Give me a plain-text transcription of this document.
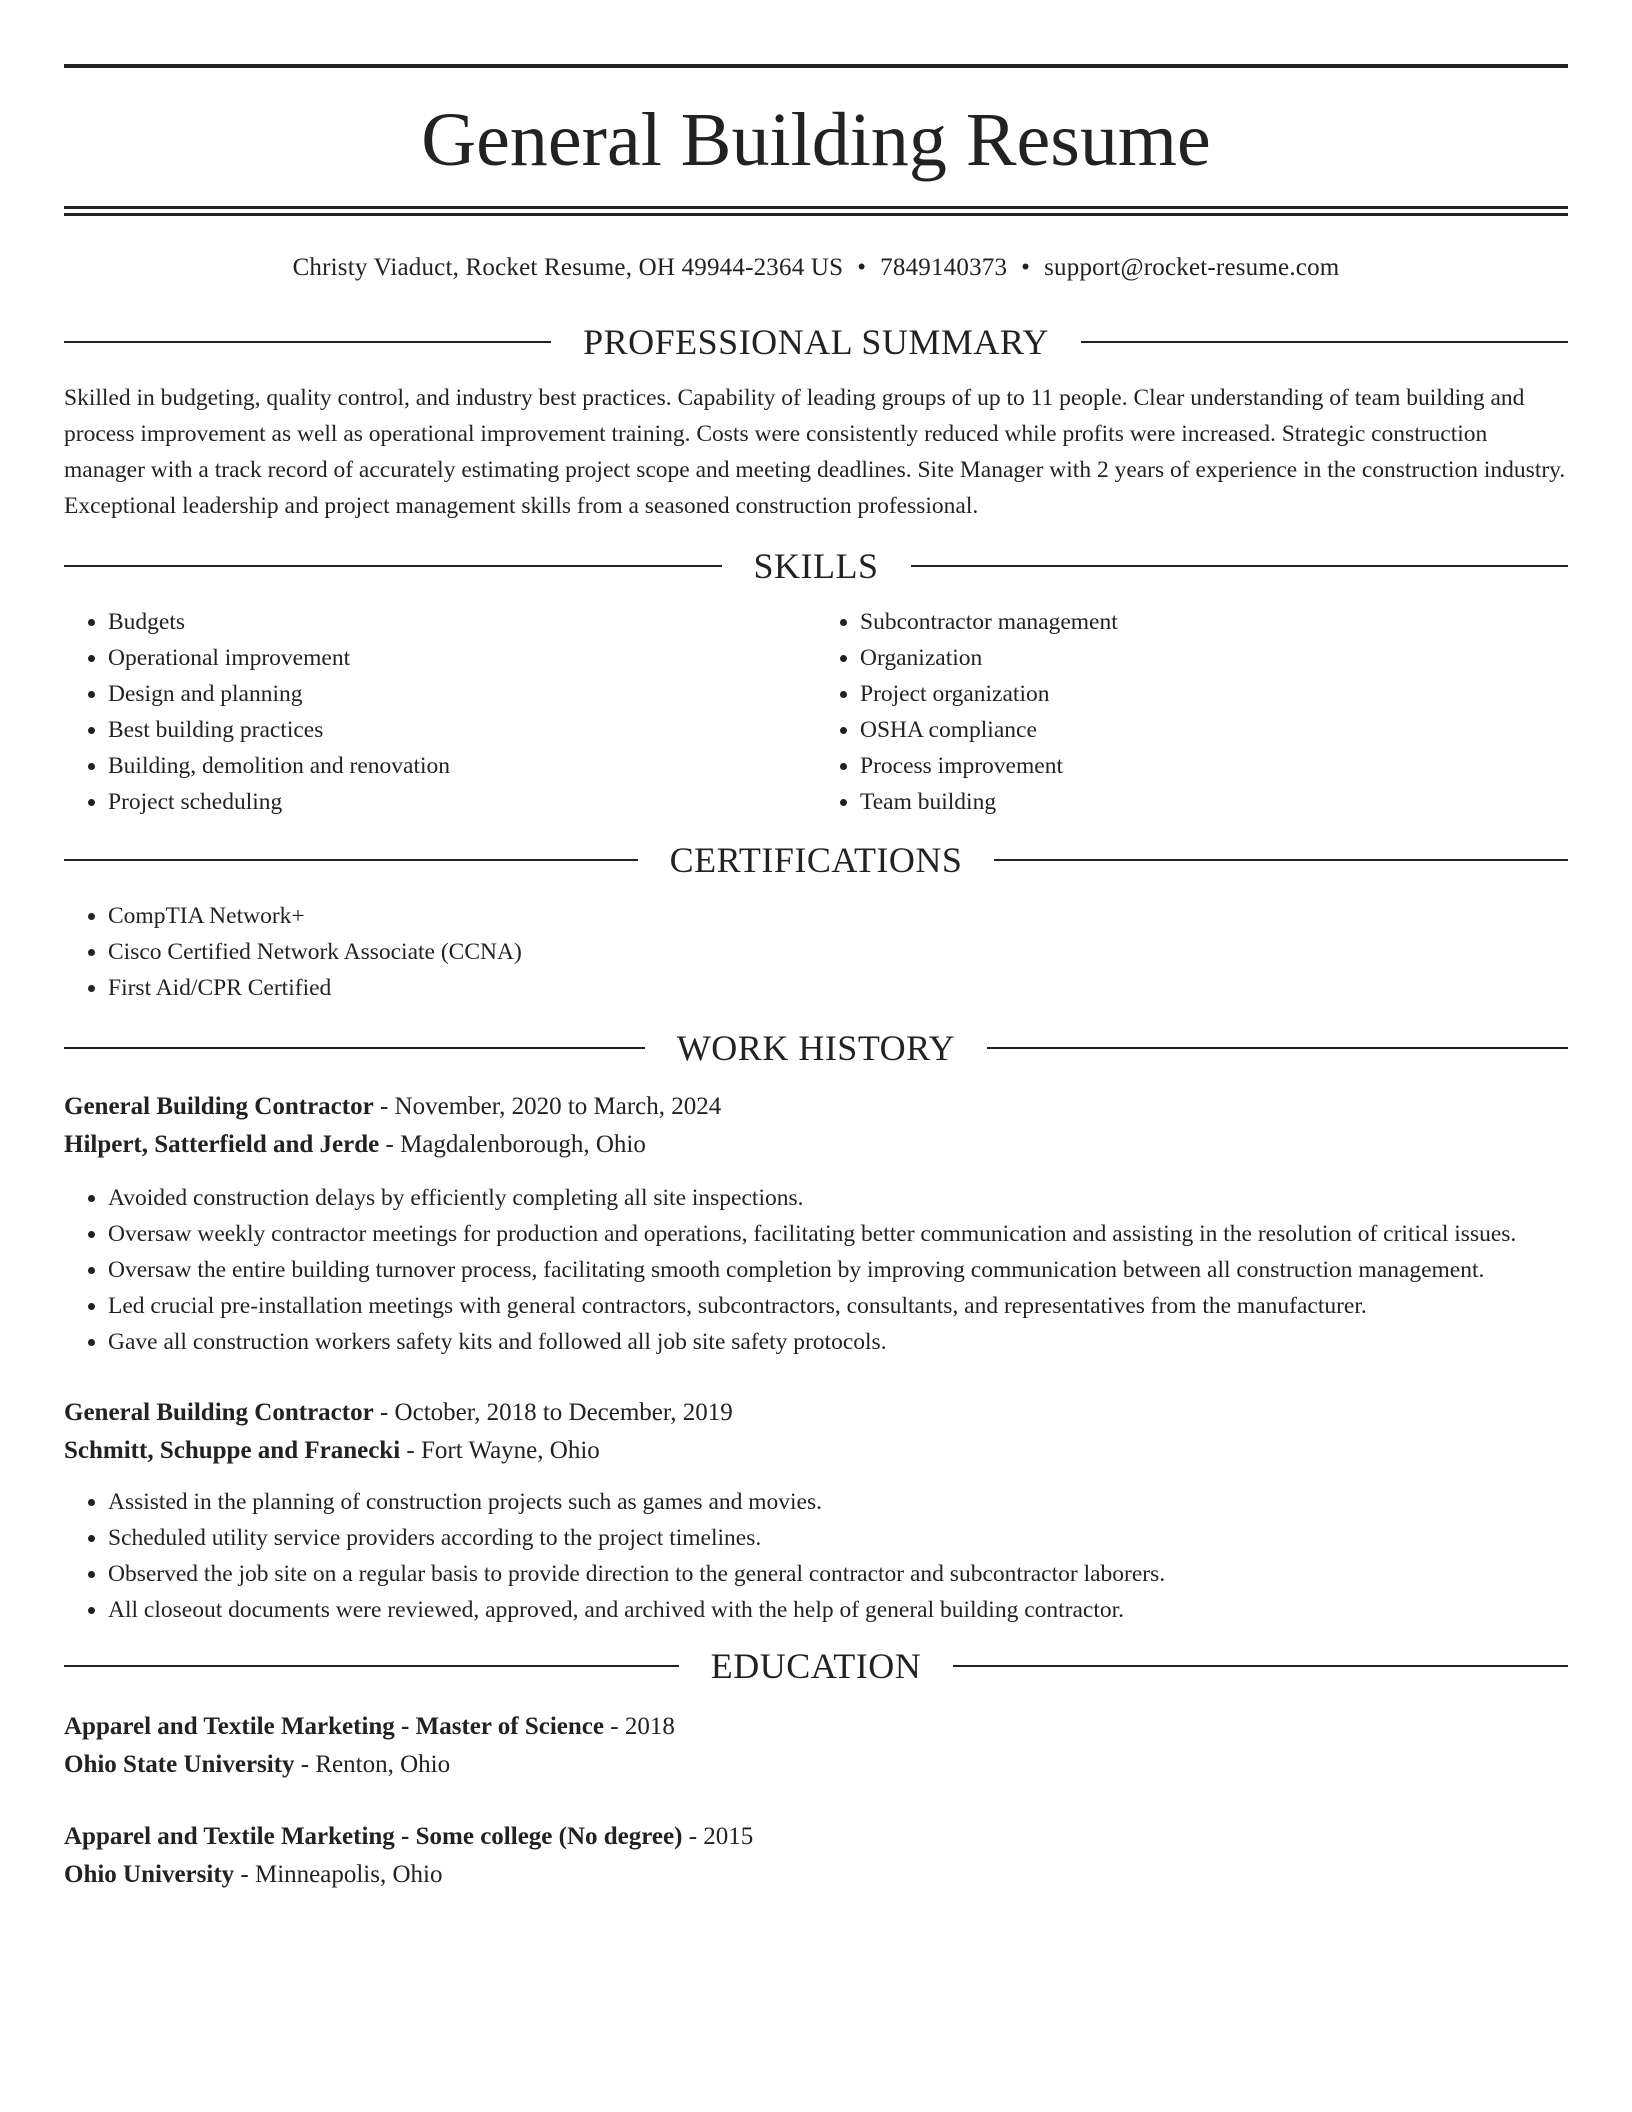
General Building Resume
Christy Viaduct, Rocket Resume, OH 49944-2364 US • 7849140373 • support@rocket-resume.com
PROFESSIONAL SUMMARY
Skilled in budgeting, quality control, and industry best practices. Capability of leading groups of up to 11 people. Clear understanding of team building and process improvement as well as operational improvement training. Costs were consistently reduced while profits were increased. Strategic construction manager with a track record of accurately estimating project scope and meeting deadlines. Site Manager with 2 years of experience in the construction industry. Exceptional leadership and project management skills from a seasoned construction professional.
SKILLS
• Budgets
• Operational improvement
• Design and planning
• Best building practices
• Building, demolition and renovation
• Project scheduling
• Subcontractor management
• Organization
• Project organization
• OSHA compliance
• Process improvement
• Team building
CERTIFICATIONS
• CompTIA Network+
• Cisco Certified Network Associate (CCNA)
• First Aid/CPR Certified
WORK HISTORY
General Building Contractor - November, 2020 to March, 2024
Hilpert, Satterfield and Jerde - Magdalenborough, Ohio
• Avoided construction delays by efficiently completing all site inspections.
• Oversaw weekly contractor meetings for production and operations, facilitating better communication and assisting in the resolution of critical issues.
• Oversaw the entire building turnover process, facilitating smooth completion by improving communication between all construction management.
• Led crucial pre-installation meetings with general contractors, subcontractors, consultants, and representatives from the manufacturer.
• Gave all construction workers safety kits and followed all job site safety protocols.
General Building Contractor - October, 2018 to December, 2019
Schmitt, Schuppe and Franecki - Fort Wayne, Ohio
• Assisted in the planning of construction projects such as games and movies.
• Scheduled utility service providers according to the project timelines.
• Observed the job site on a regular basis to provide direction to the general contractor and subcontractor laborers.
• All closeout documents were reviewed, approved, and archived with the help of general building contractor.
EDUCATION
Apparel and Textile Marketing - Master of Science - 2018
Ohio State University - Renton, Ohio
Apparel and Textile Marketing - Some college (No degree) - 2015
Ohio University - Minneapolis, Ohio
